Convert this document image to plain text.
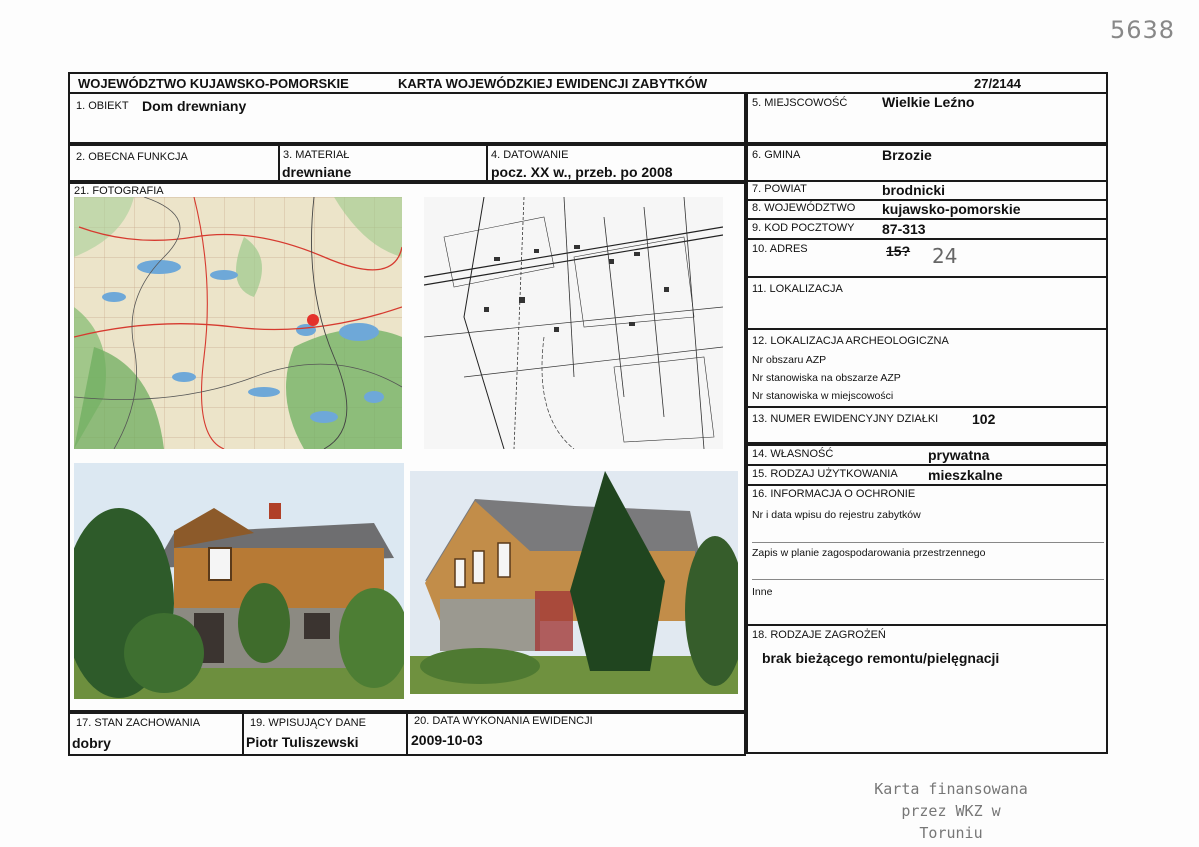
5638
WOJEWÓDZTWO KUJAWSKO-POMORSKIE	KARTA WOJEWÓDZKIEJ EWIDENCJI ZABYTKÓW	27/2144
1. OBIEKT Dom drewniany
2. OBECNA FUNKCJA	3. MATERIAŁ
drewniane
4. DATOWANIE
pocz. XX w., przeb. po 2008
21. FOTOGRAFIA
5. MIEJSCOWOŚĆ Wielkie Leźno
6. GMINA	Brzozie
7. POWIAT	brodnicki
8. WOJEWÓDZTWO kujawsko-pomorskie
9. KOD POCZTOWY 87-313
10. ADRES	15? 24
11. LOKALIZACJA
12. LOKALIZACJA ARCHEOLOGICZNA
Nr obszaru AZP
Nr stanowiska na obszarze AZP
Nr stanowiska w miejscowości
13. NUMER EWIDENCYJNY DZIAŁKI 102
14. WŁASNOŚĆ	prywatna
15. RODZAJ UŻYTKOWANIA mieszkalne
16. INFORMACJA O OCHRONIE
Nr i data wpisu do rejestru zabytków
Zapis w planie zagospodarowania przestrzennego
Inne
18. RODZAJE ZAGROŻEŃ
brak bieżącego remontu/pielęgnacji
17. STAN ZACHOWANIA
dobry
19. WPISUJĄCY DANE
Piotr Tuliszewski
20. DATA WYKONANIA EWIDENCJI
2009-10-03
Karta finansowana
przez WKZ w Toruniu
